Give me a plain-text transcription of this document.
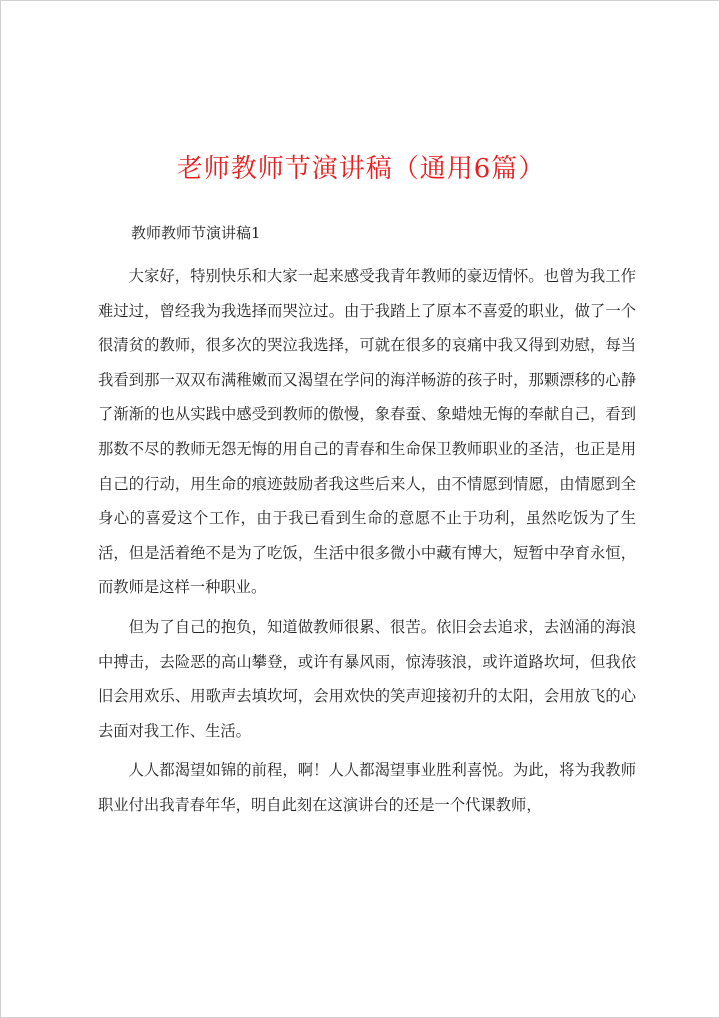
老师教师节演讲稿（通用6篇）
教师教师节演讲稿1

大家好，特别快乐和大家一起来感受我青年教师的豪迈情怀。也曾为我工作难过过，曾经我为我选择而哭泣过。由于我踏上了原本不喜爱的职业，做了一个很清贫的教师，很多次的哭泣我选择，可就在很多的哀痛中我又得到劝慰，每当我看到那一双双布满稚嫩而又渴望在学问的海洋畅游的孩子时，那颗漂移的心静了渐渐的也从实践中感受到教师的傲慢，象春蚕、象蜡烛无悔的奉献自己，看到那数不尽的教师无怨无悔的用自己的青春和生命保卫教师职业的圣洁，也正是用自己的行动，用生命的痕迹鼓励者我这些后来人，由不情愿到情愿，由情愿到全身心的喜爱这个工作，由于我已看到生命的意愿不止于功利，虽然吃饭为了生活，但是活着绝不是为了吃饭，生活中很多微小中藏有博大，短暂中孕育永恒，而教师是这样一种职业。

但为了自己的抱负，知道做教师很累、很苦。依旧会去追求，去汹涌的海浪中搏击，去险恶的高山攀登，或许有暴风雨，惊涛骇浪，或许道路坎坷，但我依旧会用欢乐、用歌声去填坎坷，会用欢快的笑声迎接初升的太阳，会用放飞的心去面对我工作、生活。

人人都渴望如锦的前程，啊！人人都渴望事业胜利喜悦。为此，将为我教师职业付出我青春年华，明自此刻在这演讲台的还是一个代课教师，
